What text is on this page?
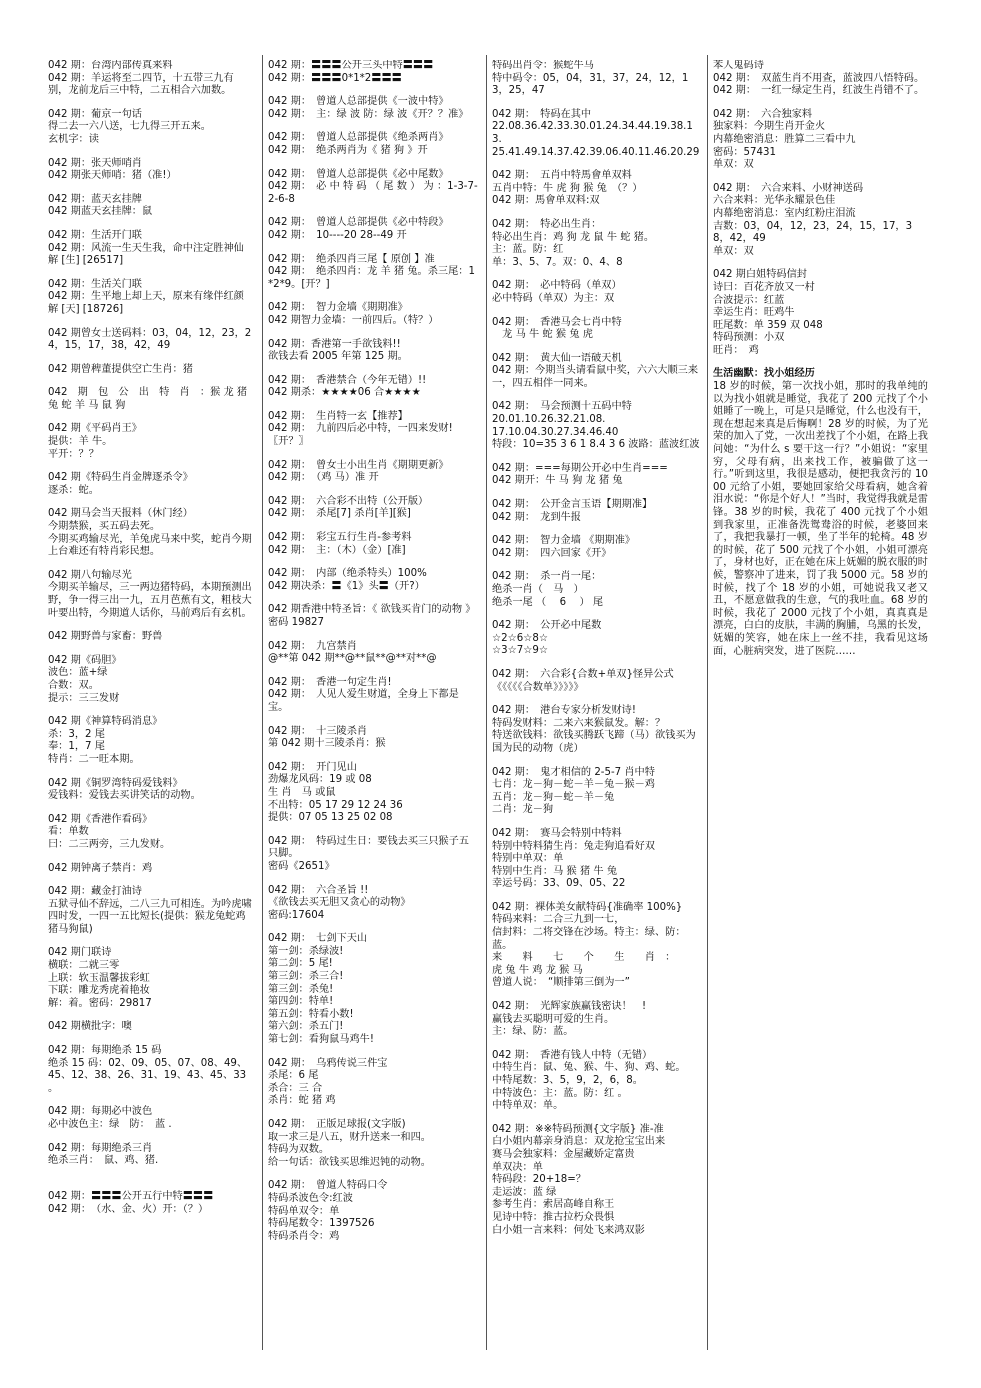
042 期：台湾内部传真来料
042 期：羊运将至二四节，十五带三九有别，龙前龙后三中特，二五相合六加数。
042 期：葡京一句话
得二去一六八送，七九得三开五来。
玄机字：读
042 期：张天师哨肖
042 期张天师哨：猪（准!）
042 期：蓝天玄挂牌
042 期蓝天玄挂牌：鼠
042 期：生活开门联
042 期：风流一生天生我，命中注定胜神仙
解 [生] [26517]
042 期：生活关门联
042 期：生平地上却上天，原来有缘伴红颜
解 [天] [18726]
042 期曾女士送码料：03，04，12，23，24，15，17，38，42，49
042 期曾稗董提供空亡生肖：猪
042　期　包　公　出　特　肖　：猴 龙 猪 兔 蛇 羊 马 鼠 狗
042 期《平码肖王》
提供：羊 牛。
平开：？？
042 期《特码生肖金牌逐杀令》
逐杀：蛇。
042 期马会当天报料（休门经）
今期禁猴，买五码去死。
今期买鸡输尽光，羊兔虎马来中奖，蛇肖今期上台难还有特肖彩民想。
042 期八句输尽光
今期买羊输尽，三一两边猪特码，本期预测出野，争一得三出一九，五月芭蕉有文，粗枝大叶要出特，今期道人话你，马前鸡后有玄机。
042 期野兽与家畜：野兽
042 期《码胆》
波色：蓝+绿
合数：双。
提示：三三发财
042 期《神算特码消息》
杀：3，2 尾
奉：1，7 尾
特肖：二一旺本期。
042 期《铜罗湾特码爱钱料》
爱钱料：爱钱去买讲笑话的动物。
042 期《香港作看码》
看：单数
曰：二三两旁，三九发财。
042 期钟离子禁肖：鸡
042 期：藏金打油诗
五狱寻仙不辞远，二八三九可相连。为吟虎啸四时发，一四一五比短长(提供：猴龙兔蛇鸡猪马狗鼠)
042 期门联诗
横联：二就三零
上联：软玉温馨拔彩虹
下联：雕龙秀虎着艳妆
解：着。密码：29817
042 期横批字：噢
042 期：每期绝杀 15 码
绝杀 15 码：02、09、05、07、08、49、45、12、38、26、31、19、43、45、33 。
042 期：每期必中波色
必中波色主：绿　防：　蓝 .
042 期：每期绝杀三肖
绝杀三肖：　鼠、鸡、猪.

042 期：〓〓〓公开五行中特〓〓〓
042 期：　（水、金、火）开：（？）
042 期：〓〓〓公开三头中特〓〓〓
042 期：〓〓〓0*1*2〓〓〓
042 期：　曾道人总部提供《一波中特》
042 期：　主：绿 波 防：绿 波《开？？准》
042 期：　曾道人总部提供《绝杀两肖》
042 期：　绝杀两肖为《 猪 狗 》开
042 期：　曾道人总部提供《必中尾数》
042 期：　必 中 特 码 （ 尾 数 ） 为 ：1-3-7-2-6-8
042 期：　曾道人总部提供《必中特段》
042 期：　10----20 28--49 开
042 期：　绝杀四肖三尾【 原创 】准
042 期：　绝杀四肖：龙 羊 猪 兔。杀三尾：1*2*9。[开？]
042 期：　智力金墙《期期准》
042 期智力金墙：一前四后。（特？）
042 期：香港第一手欲钱料!!
欲钱去看 2005 年第 125 期。
042 期：　香港禁合（今年无错）!!
042 期杀：★★★★06 合★★★★
042 期：　生肖特一玄【推荐】
042 期：　九前四后必中特，一四来发财!〖开？〗
042 期：　曾女士小出生肖《期期更新》
042 期：　（鸡 马）准 开
042 期：　六合彩不出特（公开版）
042 期：　杀尾[7] 杀肖[羊][猴]
042 期：　彩宝五行生肖-参考料
042 期：　主：（木）（金）[准]
042 期：　内部（绝杀特头）100%
042 期决杀：〓《1》头〓（开?）
042 期香港中特圣旨：《 欲钱买肯门的动物 》密码 19827
042 期：　九宫禁肖
@**第 042 期**@**鼠**@**对**@
042 期：　香港一句定生肖!
042 期：　人见人爱生财道，全身上下都是宝。
042 期：　十三陵杀肖
第 042 期十三陵杀肖：猴
042 期：　开门见山
劲爆龙风码：19 或 08
生 肖　马 或鼠
不出特：05 17 29 12 24 36
提供：07 05 13 25 02 08
042 期：　特码过生日：要钱去买三只猴子五只脚。
密码《2651》
042 期：　六合圣旨 !!
《欲钱去买无胆又贪心的动物》
密码:17604
042 期：　七剑下天山
第一剑：杀绿波!
第二剑：5 尾!
第三剑：杀三合!
第三剑：杀兔!
第四剑：特单!
第五剑：特看小数!
第六剑：杀五门!
第七剑：看狗鼠马鸡牛!
042 期：　乌鸦传说三件宝
杀尾：6 尾
杀合：三 合
杀肖：蛇 猪 鸡
042 期：　正版足球报(文字版)
取一求三是八五，财升送来一和四。
特码为双数。
给一句话：欲钱买思维迟钝的动物。
042 期：　曾道人特码口令
特码杀波色令:红波
特码单双令：单
特码尾数令：1397526
特码杀肖令：鸡
特码出肖令：猴蛇牛马
特中码令：05，04，31，37，24，12，13，25，47
042 期：　特码在其中
22.08.36.42.33.30.01.24.34.44.19.38.13.
25.41.49.14.37.42.39.06.40.11.46.20.29
042 期：　五肖中特馬會单双料
五肖中特：牛 虎 狗 猴 兔　（？）
042 期：馬會单双料:双
042 期：　特必出生肖：
特必出生肖：鸡 狗 龙 鼠 牛 蛇 猪。
主：蓝。防：红
单：3、5、7。双：0、4、8
042 期：　必中特码（单双）
必中特码（单双）为主：双
042 期：　香港马会七肖中特
　龙 马 牛 蛇 猴 兔 虎
042 期：　黄大仙一语破天机
042 期：今期当头请看鼠中奖，六六大顺三来一，四五相伴一同来。
042 期：　马会预测十五码中特
20.01.10.26.32.21.08.
17.10.04.30.27.34.46.40
特段：10=35 3 6 1 8.4 3 6 波路：蓝波红波
042 期：===每期公开必中生肖===
042 期开：牛 马 狗 龙 猪 兔
042 期：　公开金言玉语【期期准】
042 期：　龙到牛报
042 期：　智力金墙 《期期准》
042 期：　四六回家《开》
042 期：　杀一肖一尾：
绝杀一肖（　马　）
绝杀一尾 （　 6　 ） 尾
042 期：　公开必中尾数
☆2☆6☆8☆
☆3☆7☆9☆
042 期：　六合彩{合数+单双}怪异公式
《《《《《合数单》》》》》
042 期：　港台专家分析发财诗!
特码发财料：二来六来猴鼠发。解：？
特送欲钱料：欲钱买腾跃飞蹄（马）欲钱买为国为民的动物（虎）
042 期：　鬼才相信的 2-5-7 肖中特
七肖：龙－狗－蛇－羊－兔－猴－鸡
五肖：龙－狗－蛇－羊－兔
二肖：龙－狗
042 期：　赛马会特别中特料
特别中特料猜生肖：兔走狗追看好双
特别中单双：单
特别中生肖：马 猴 猪 牛 兔
幸运号码：33、09、05、22
042 期：裸体美女献特码{准确率 100%}
特码来料：二合三九到一七，
信封料：二将交锋在沙场。特主：绿、防：蓝。
来　　料　　七　　个　　生　　肖　：
虎 兔 牛 鸡 龙 猴 马
曾道人说：　“顺排第三倒为一”
042 期：　光辉家族赢钱密诀！　!
赢钱去买聪明可爱的生肖。
主：绿、防：蓝。
042 期：　香港有钱人中特（无错）
中特生肖：鼠、兔、猴、牛、狗、鸡、蛇。
中特尾数：3、5，9，2，6，8。
中特波色：主：蓝。防：红 。
中特单双：单。
042 期：※※特码预测{文字版} 准-准
白小姐内幕亲身消息：双龙抢宝宝出来
赛马会独家料：金屋藏娇定富贵
单双决：单
特码段：20+18=？
走运波：蓝 绿
参考生肖：索居高峰自称王
见诗中特：推古拉朽众畏惧
白小姐一言来料：何处飞来鸿双影
苯人鬼码诗
042 期：　双蓝生肖不用查，蓝波四八悟特码。
042 期：　一红一绿定生肖，红波生肖错不了。
042 期：　六合独家料
独家料：今期生肖开金火
内幕绝密消息：胜算二三看中九
密码：57431
单双：双
042 期：　六合来料、小财神送码
六合来料：光华永耀景色佳
内幕绝密消息：室内红粉庄泪流
吉数：03，04，12，23，24，15，17，38，42，49
单双：双
042 期白姐特码信封
诗曰：百花齐放又一村
合波提示：红蓝
幸运生肖：旺鸡牛
旺尾数：单 359 双 048
特码预测：小双
旺肖：　鸡
生活幽默：找小姐经历
18 岁的时候，第一次找小姐，那时的我单纯的以为找小姐就是睡觉，我花了 200 元找了个小姐睡了一晚上，可是只是睡觉，什么也没有干，现在想起来真是后悔啊！28 岁的时候，为了光荣的加入了党，一次出差找了个小姐，在路上我问她：“为什么 s 要干这一行？”小姐说：“家里穷，父母有病，出来找工作，被骗做了这一行。”听到这里，我很是感动，便把我贪污的 1000 元给了小姐，要她回家给父母看病，她含着泪水说：“你是个好人！”当时，我觉得我就是雷锋。38 岁的时候，我花了 400 元找了个小姐到我家里，正准备洗鸳鸯浴的时候，老婆回来了，我把我暴打一顿，坐了半年的轮椅。48 岁的时候，花了 500 元找了个小姐，小姐可漂亮了，身材也好，正在她在床上妩媚的脱衣服的时候，警察冲了进来，罚了我 5000 元。58 岁的时候，找了个 18 岁的小姐，可她说我又老又丑，不愿意做我的生意，气的我吐血。68 岁的时候，我花了 2000 元找了个小姐，真真真是漂亮，白白的皮肤，丰满的胸脯，乌黑的长发，妩媚的笑容，她在床上一丝不挂，我看见这场面，心脏病突发，进了医院……
